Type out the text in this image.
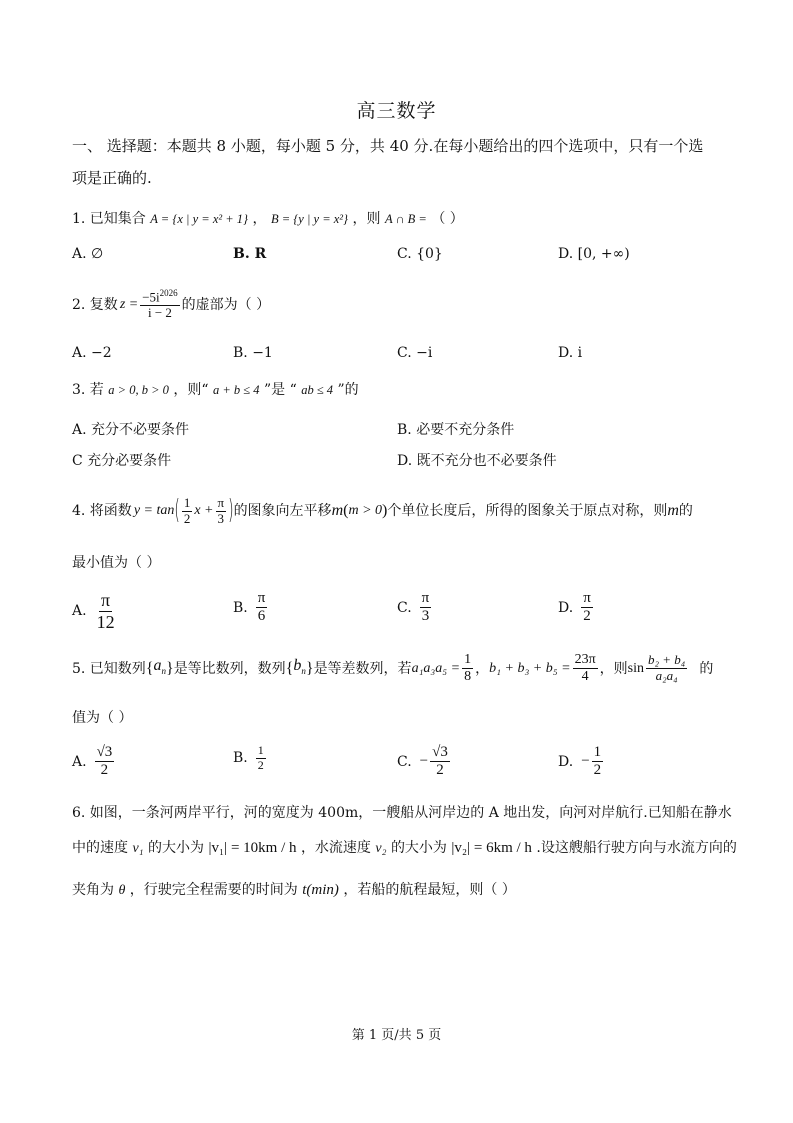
高三数学
一、 选择题：本题共 8 小题，每小题 5 分，共 40 分.在每小题给出的四个选项中，只有一个选
项是正确的.
1. 已知集合 A = {x | y = x² + 1} ， B = {y | y = x²} ，则 A ∩ B = （ ）
A. ∅	B. R	C. {0}	D. [0, +∞)
2. 复数 $z = \frac{-5i^{2026}}{i - 2}$ 的虚部为（ ）
A. −2	B. −1	C. −i	D. i
3. 若 a > 0, b > 0 ，则“ a + b ≤ 4 ”是 “ ab ≤ 4 ”的
A. 充分不必要条件	B. 必要不充分条件
C 充分必要条件	D. 既不充分也不必要条件
4. 将函数 y = tan ( $\frac{1}{2}$ $x + \frac{\pi}{3}$ ) 的图象向左平移 m ( m > 0 ) 个单位长度后，所得的图象关于原点对称，则 m 的
最小值为（ ）
A. $\frac{\pi}{12}$	B. $\frac{\pi}{6}$	C. $\frac{\pi}{3}$	D. $\frac{\pi}{2}$
5. 已知数列 { $a_n$ } 是等比数列，数列 { $b_n$ } 是等差数列，若 $a_1a_3a_5 = \frac{1}{8}$ ， $b_1 + b_3 + b_5 = \frac{23\pi}{4}$ ，则 $\sin \frac{\text{b₂ + b₄}}{\text{a₂a₄}}$ 的
值为（ ）
A. $\frac{√3}{2}$	B. $\frac{1}{2}$	C. − $\frac{√3}{2}$	D. − $\frac{1}{2}$
6. 如图，一条河两岸平行，河的宽度为 400m，一艘船从河岸边的 A 地出发，向河对岸航行.已知船在静水
中的速度 v₁ 的大小为 |v₁| = 10km / h ，水流速度 v₂ 的大小为 |v₂| = 6km / h .设这艘船行驶方向与水流方向的
夹角为 θ ，行驶完全程需要的时间为 t(min) ，若船的航程最短，则（ ）
第 1 页/共 5 页
